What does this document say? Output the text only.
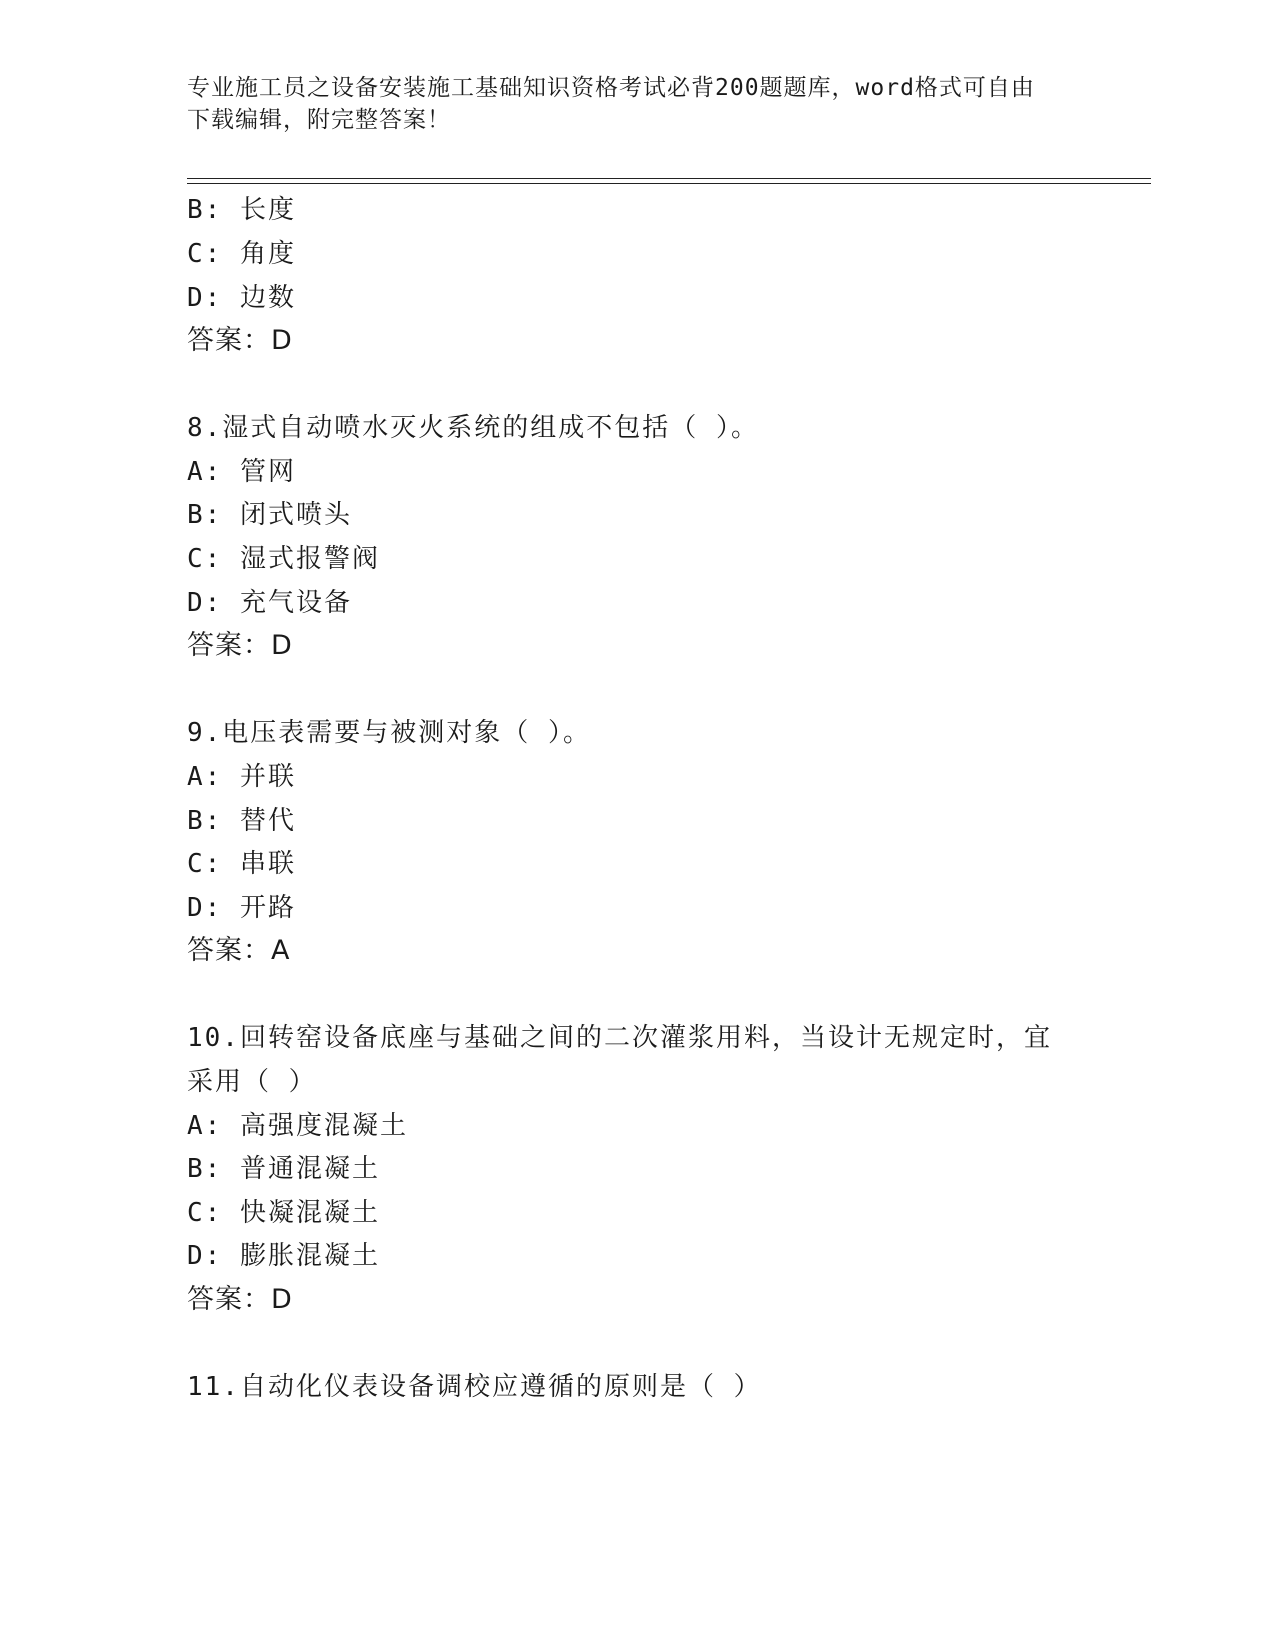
专业施工员之设备安装施工基础知识资格考试必背200题题库，word格式可自由
下载编辑，附完整答案！
B: 长度
C: 角度
D: 边数
答案：D
8.湿式自动喷水灭火系统的组成不包括（ ）。
A: 管网
B: 闭式喷头
C: 湿式报警阀
D: 充气设备
答案：D
9.电压表需要与被测对象（ ）。
A: 并联
B: 替代
C: 串联
D: 开路
答案：A
10.回转窑设备底座与基础之间的二次灌浆用料，当设计无规定时，宜
采用（ ）
A: 高强度混凝土
B: 普通混凝土
C: 快凝混凝土
D: 膨胀混凝土
答案：D
11.自动化仪表设备调校应遵循的原则是（ ）
